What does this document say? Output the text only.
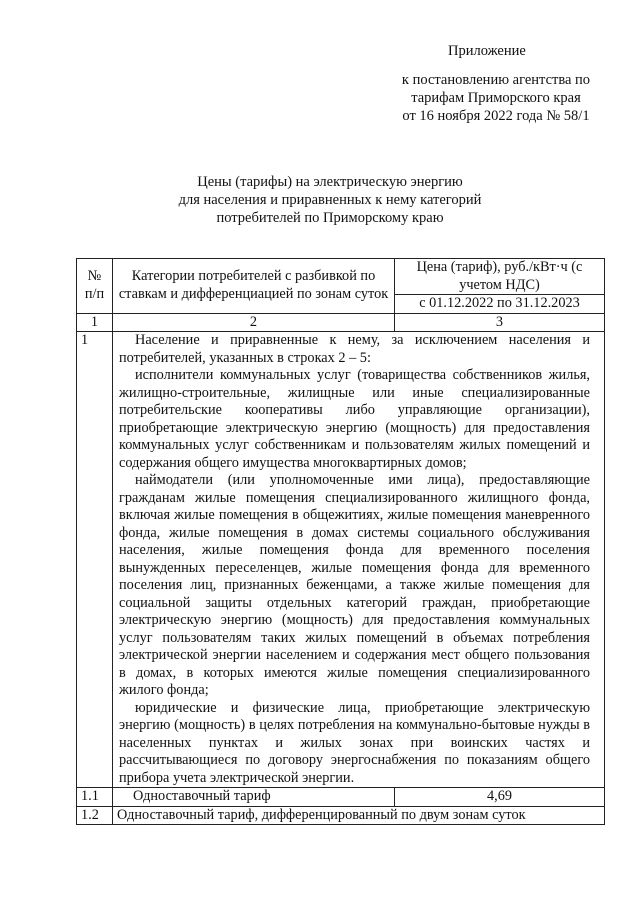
Приложение
к постановлению агентства по
тарифам Приморского края
от 16 ноября 2022 года № 58/1
Цены (тарифы) на электрическую энергию
для населения и приравненных к нему категорий
потребителей по Приморскому краю
№ п/п	Категории потребителей с разбивкой по ставкам и дифференциацией по зонам суток	Цена (тариф), руб./кВт·ч (с учетом НДС)
		с 01.12.2022 по 31.12.2023
1	2	3
1	Население и приравненные к нему, за исключением населения и потребителей, указанных в строках 2 – 5:

исполнители коммунальных услуг (товарищества собственников жилья, жилищно-строительные, жилищные или иные специализированные потребительские кооперативы либо управляющие организации), приобретающие электрическую энергию (мощность) для предоставления коммунальных услуг собственникам и пользователям жилых помещений и содержания общего имущества многоквартирных домов;

наймодатели (или уполномоченные ими лица), предоставляющие гражданам жилые помещения специализированного жилищного фонда, включая жилые помещения в общежитиях, жилые помещения маневренного фонда, жилые помещения в домах системы социального обслуживания населения, жилые помещения фонда для временного поселения вынужденных переселенцев, жилые помещения фонда для временного поселения лиц, признанных беженцами, а также жилые помещения для социальной защиты отдельных категорий граждан, приобретающие электрическую энергию (мощность) для предоставления коммунальных услуг пользователям таких жилых помещений в объемах потребления электрической энергии населением и содержания мест общего пользования в домах, в которых имеются жилые помещения специализированного жилого фонда;

юридические и физические лица, приобретающие электрическую энергию (мощность) в целях потребления на коммунально-бытовые нужды в населенных пунктах и жилых зонах при воинских частях и рассчитывающиеся по договору энергоснабжения по показаниям общего прибора учета электрической энергии.	

1.1	Одноставочный тариф	4,69
1.2	Одноставочный тариф, дифференцированный по двум зонам суток	
